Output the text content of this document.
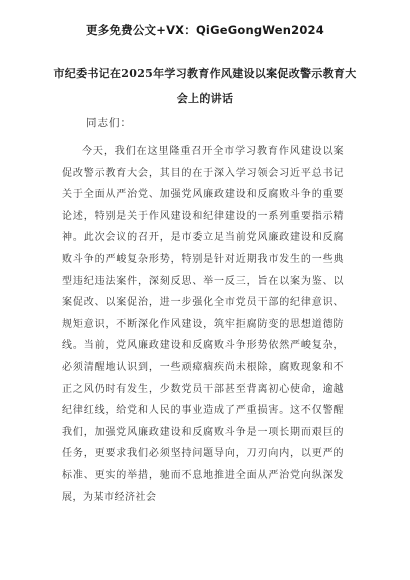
更多免费公文+VX：QiGeGongWen2024
市纪委书记在2025年学习教育作风建设以案促改警示教育大会上的讲话
同志们：

今天，我们在这里隆重召开全市学习教育作风建设以案促改警示教育大会，其目的在于深入学习领会习近平总书记关于全面从严治党、加强党风廉政建设和反腐败斗争的重要论述，特别是关于作风建设和纪律建设的一系列重要指示精神。此次会议的召开，是市委立足当前党风廉政建设和反腐败斗争的严峻复杂形势，特别是针对近期我市发生的一些典型违纪违法案件，深刻反思、举一反三，旨在以案为鉴、以案促改、以案促治，进一步强化全市党员干部的纪律意识、规矩意识，不断深化作风建设，筑牢拒腐防变的思想道德防线。当前，党风廉政建设和反腐败斗争形势依然严峻复杂，必须清醒地认识到，一些顽瘴痼疾尚未根除，腐败现象和不正之风仍时有发生，少数党员干部甚至背离初心使命，逾越纪律红线，给党和人民的事业造成了严重损害。这不仅警醒我们，加强党风廉政建设和反腐败斗争是一项长期而艰巨的任务，更要求我们必须坚持问题导向，刀刃向内，以更严的标准、更实的举措，驰而不息地推进全面从严治党向纵深发展，为某市经济社会
